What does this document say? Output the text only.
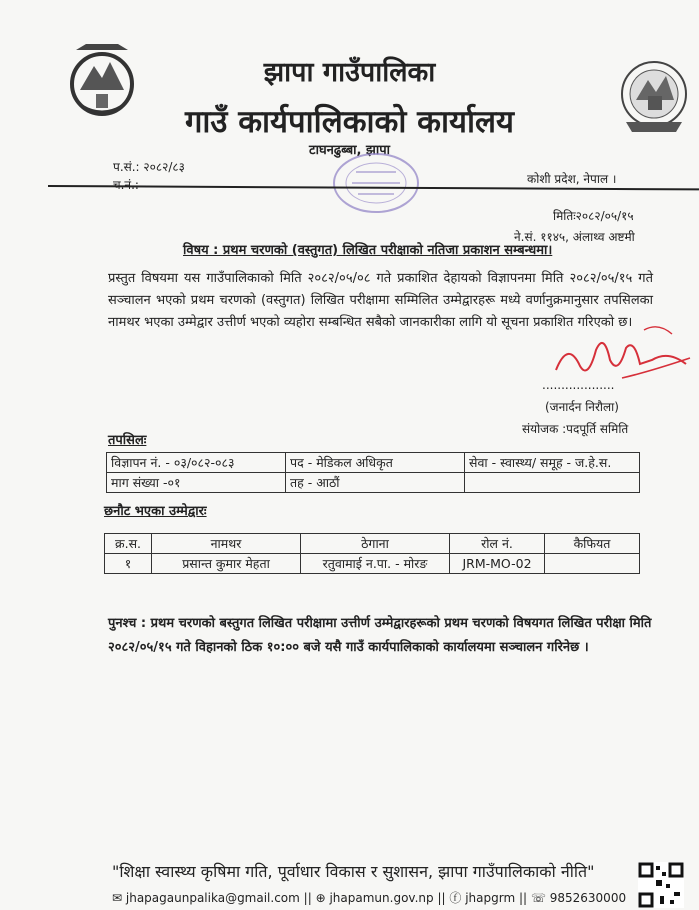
झापा गाउँपालिका
गाउँ कार्यपालिकाको कार्यालय
टाघनढुब्बा, झापा
प.सं.: २०८२/८३
च.नं.:	कोशी प्रदेश, नेपाल ।
मितिः२०८२/०५/१५
ने.सं. ११४५, अंलाथ्व अष्टमी
विषय : प्रथम चरणको (वस्तुगत) लिखित परीक्षाको नतिजा प्रकाशन सम्बन्धमा।
प्रस्तुत विषयमा यस गाउँपालिकाको मिति २०८२/०५/०८ गते प्रकाशित देहायको विज्ञापनमा मिति २०८२/०५/१५ गते सञ्चालन भएको प्रथम चरणको (वस्तुगत) लिखित परीक्षामा सम्मिलित उम्मेद्वारहरू मध्ये वर्णानुक्रमानुसार तपसिलका नामथर भएका उम्मेद्वार उत्तीर्ण भएको व्यहोरा सम्बन्धित सबैको जानकारीका लागि यो सूचना प्रकाशित गरिएको छ।
...................
(जनार्दन निरौला)
संयोजक :पदपूर्ति समिति
तपसिलः
विज्ञापन नं. - ०३/०८२-०८३	पद - मेडिकल अधिकृत	सेवा - स्वास्थ्य/ समूह - ज.हे.स.
माग संख्या -०१	तह - आठौं	
छनौट भएका उम्मेद्वारः
क्र.स.	नामथर	ठेगाना	रोल नं.	कैफियत
१	प्रसान्त कुमार मेहता	रतुवामाई न.पा. - मोरङ	JRM-MO-02	
पुनश्च : प्रथम चरणको बस्तुगत लिखित परीक्षामा उत्तीर्ण उम्मेद्वारहरूको प्रथम चरणको विषयगत लिखित परीक्षा मिति २०८२/०५/१५ गते विहानको ठिक १०:०० बजे यसै गाउँ कार्यपालिकाको कार्यालयमा सञ्चालन गरिनेछ ।
"शिक्षा स्वास्थ्य कृषिमा गति, पूर्वाधार विकास र सुशासन, झापा गाउँपालिकाको नीति"
✉ jhapagaunpalika@gmail.com || ⊕ jhapamun.gov.np || ⓕ jhapgrm || ☏ 9852630000
